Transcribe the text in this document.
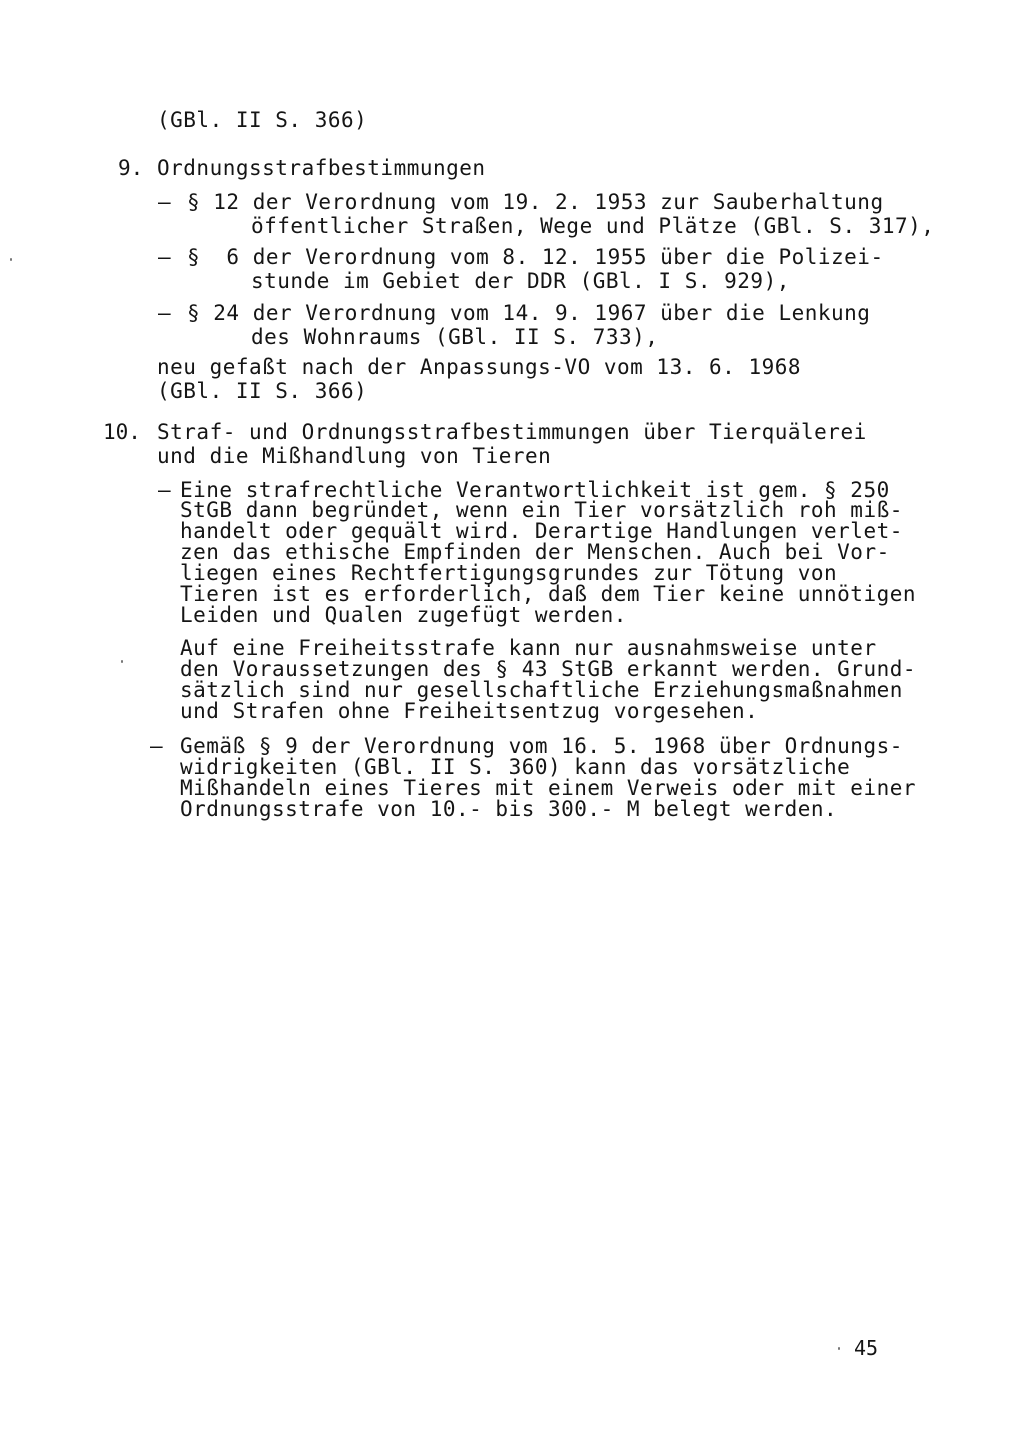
(GBl. II S. 366)
9. Ordnungsstrafbestimmungen
– § 12 der Verordnung vom 19. 2. 1953 zur Sauberhaltung
öffentlicher Straßen, Wege und Plätze (GBl. S. 317),
– §  6 der Verordnung vom 8. 12. 1955 über die Polizei-
stunde im Gebiet der DDR (GBl. I S. 929),
– § 24 der Verordnung vom 14. 9. 1967 über die Lenkung
des Wohnraums (GBl. II S. 733),
neu gefaßt nach der Anpassungs-VO vom 13. 6. 1968
(GBl. II S. 366)
10. Straf- und Ordnungsstrafbestimmungen über Tierquälerei
und die Mißhandlung von Tieren
– Eine strafrechtliche Verantwortlichkeit ist gem. § 250
StGB dann begründet, wenn ein Tier vorsätzlich roh miß-
handelt oder gequält wird. Derartige Handlungen verlet-
zen das ethische Empfinden der Menschen. Auch bei Vor-
liegen eines Rechtfertigungsgrundes zur Tötung von
Tieren ist es erforderlich, daß dem Tier keine unnötigen
Leiden und Qualen zugefügt werden.
Auf eine Freiheitsstrafe kann nur ausnahmsweise unter
den Voraussetzungen des § 43 StGB erkannt werden. Grund-
sätzlich sind nur gesellschaftliche Erziehungsmaßnahmen
und Strafen ohne Freiheitsentzug vorgesehen.
– Gemäß § 9 der Verordnung vom 16. 5. 1968 über Ordnungs-
widrigkeiten (GBl. II S. 360) kann das vorsätzliche
Mißhandeln eines Tieres mit einem Verweis oder mit einer
Ordnungsstrafe von 10.- bis 300.- M belegt werden.
45
